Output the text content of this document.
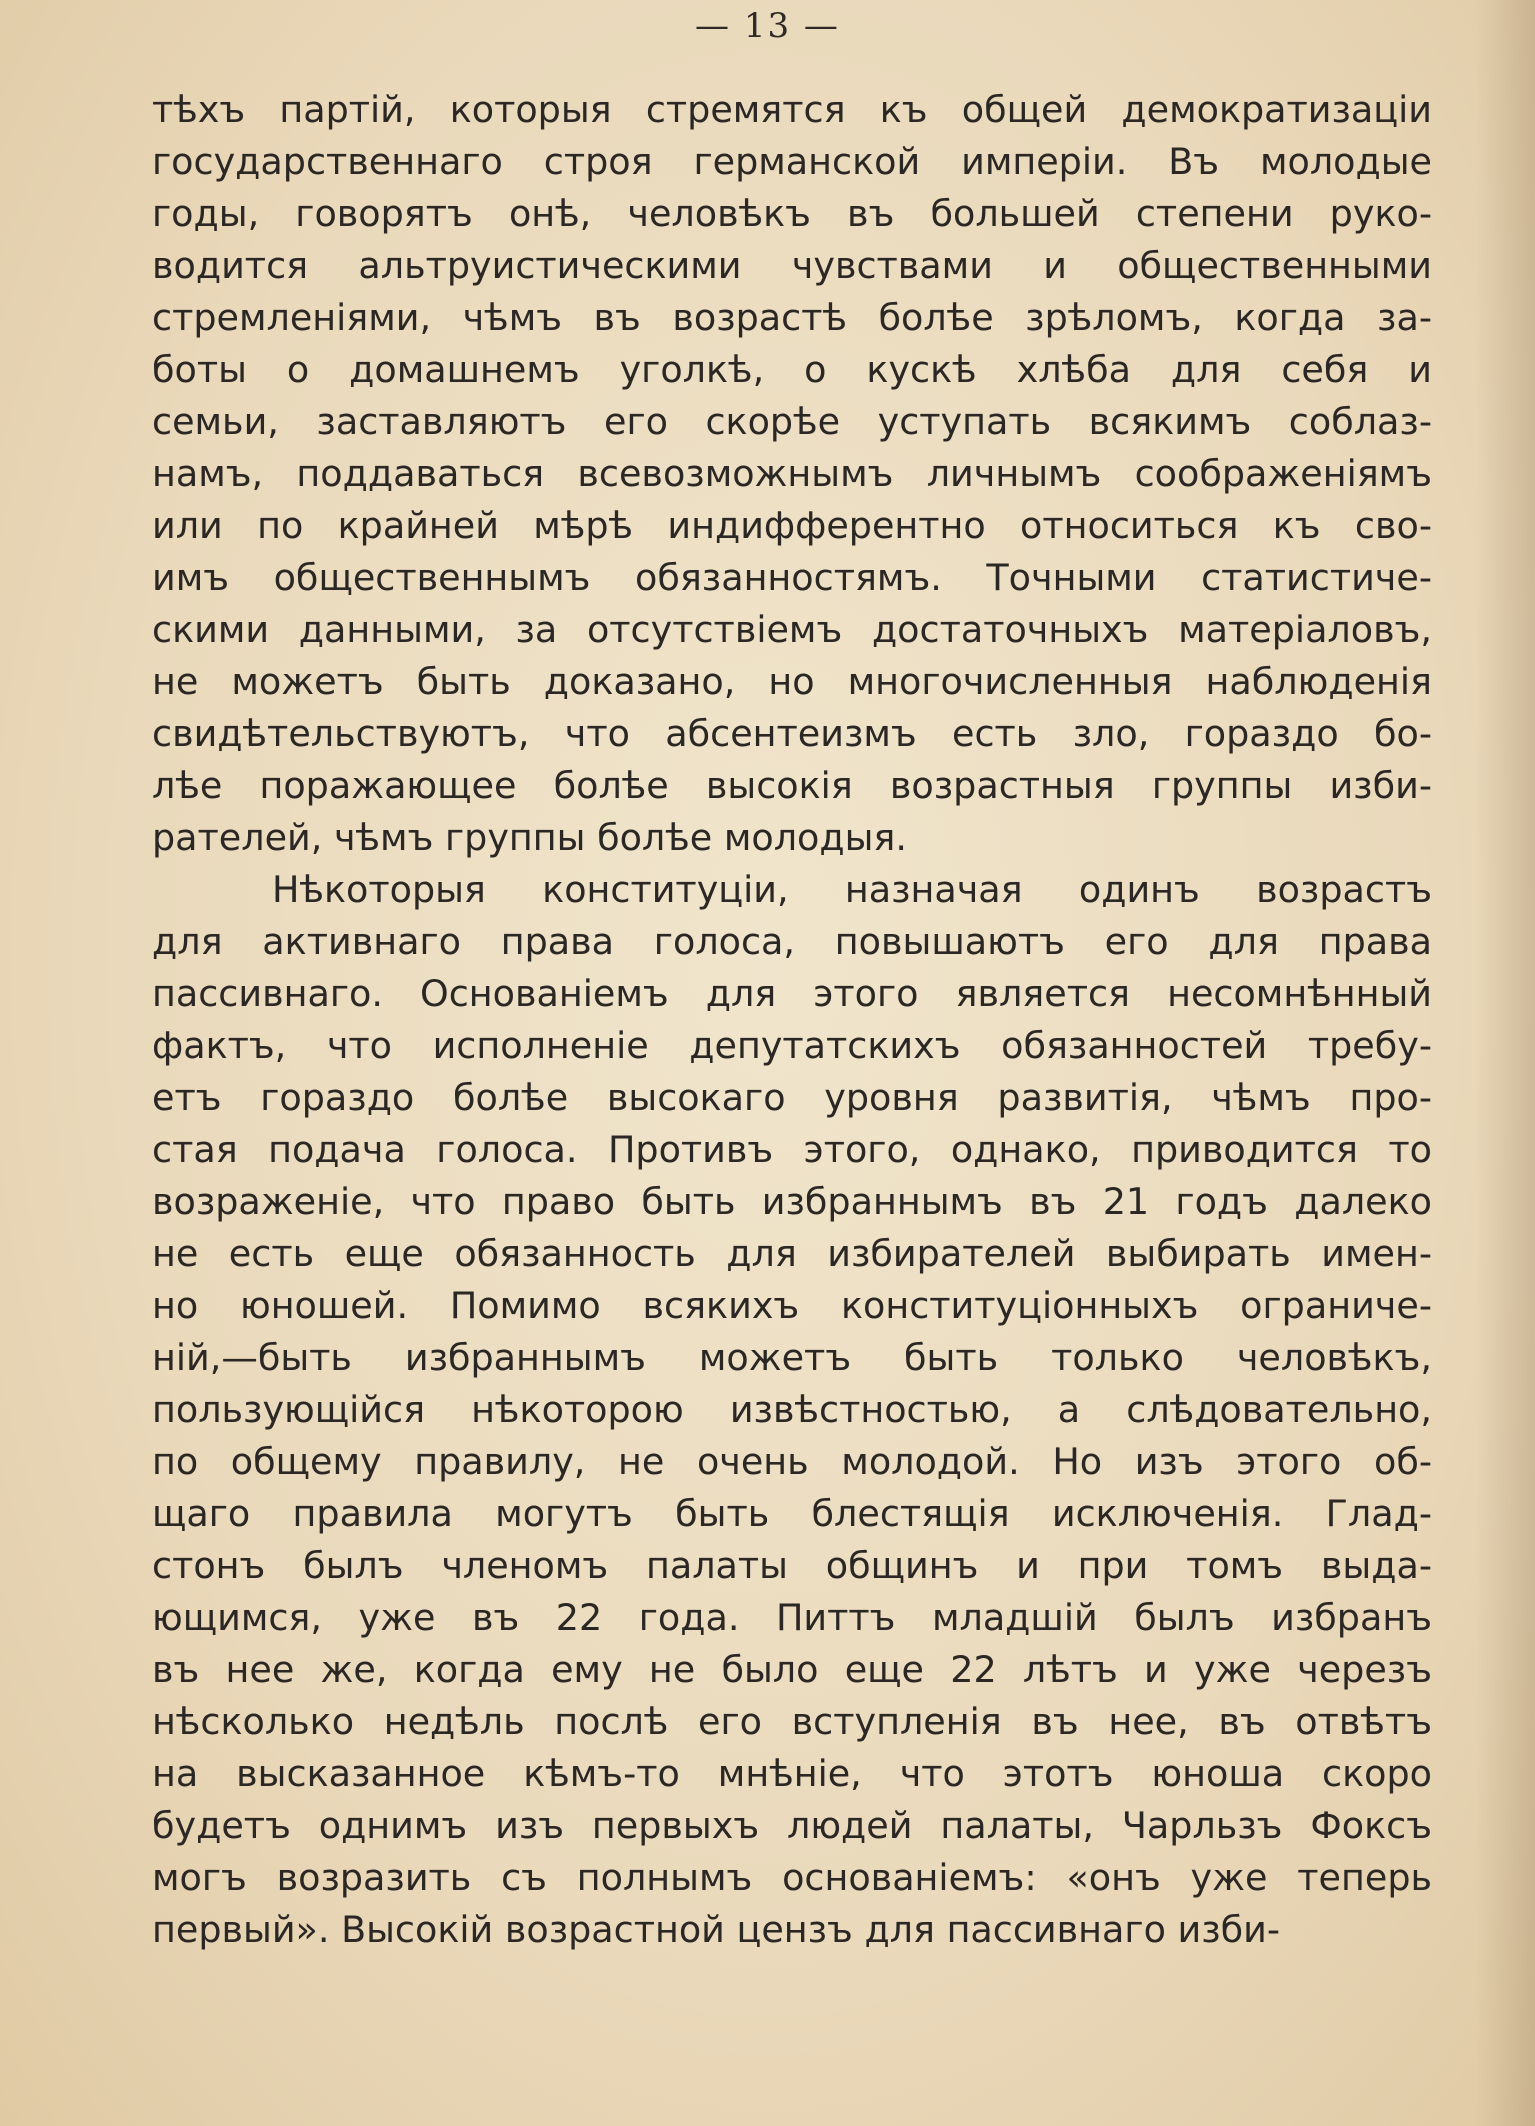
— 13 —

тѣхъ партій, которыя стремятся къ общей демократизаціи
государственнаго строя германской имперіи. Въ молодые
годы, говорятъ онѣ, человѣкъ въ большей степени руко-
водится альтруистическими чувствами и общественными
стремленіями, чѣмъ въ возрастѣ болѣе зрѣломъ, когда за-
боты о домашнемъ уголкѣ, о кускѣ хлѣба для себя и
семьи, заставляютъ его скорѣе уступать всякимъ соблаз-
намъ, поддаваться всевозможнымъ личнымъ соображеніямъ
или по крайней мѣрѣ индифферентно относиться къ сво-
имъ общественнымъ обязанностямъ. Точными статистиче-
скими данными, за отсутствіемъ достаточныхъ матеріаловъ,
не можетъ быть доказано, но многочисленныя наблюденія
свидѣтельствуютъ, что абсентеизмъ есть зло, гораздо бо-
лѣе поражающее болѣе высокія возрастныя группы изби-
рателей, чѣмъ группы болѣе молодыя.

Нѣкоторыя конституціи, назначая одинъ возрастъ
для активнаго права голоса, повышаютъ его для права
пассивнаго. Основаніемъ для этого является несомнѣнный
фактъ, что исполненіе депутатскихъ обязанностей требу-
етъ гораздо болѣе высокаго уровня развитія, чѣмъ про-
стая подача голоса. Противъ этого, однако, приводится то
возраженіе, что право быть избраннымъ въ 21 годъ далеко
не есть еще обязанность для избирателей выбирать имен-
но юношей. Помимо всякихъ конституціонныхъ ограниче-
ній,—быть избраннымъ можетъ быть только человѣкъ,
пользующійся нѣкоторою извѣстностью, а слѣдовательно,
по общему правилу, не очень молодой. Но изъ этого об-
щаго правила могутъ быть блестящія исключенія. Глад-
стонъ былъ членомъ палаты общинъ и при томъ выда-
ющимся, уже въ 22 года. Питтъ младшій былъ избранъ
въ нее же, когда ему не было еще 22 лѣтъ и уже черезъ
нѣсколько недѣль послѣ его вступленія въ нее, въ отвѣтъ
на высказанное кѣмъ-то мнѣніе, что этотъ юноша скоро
будетъ однимъ изъ первыхъ людей палаты, Чарльзъ Фоксъ
могъ возразить съ полнымъ основаніемъ: «онъ уже теперь
первый». Высокій возрастной цензъ для пассивнаго изби-
